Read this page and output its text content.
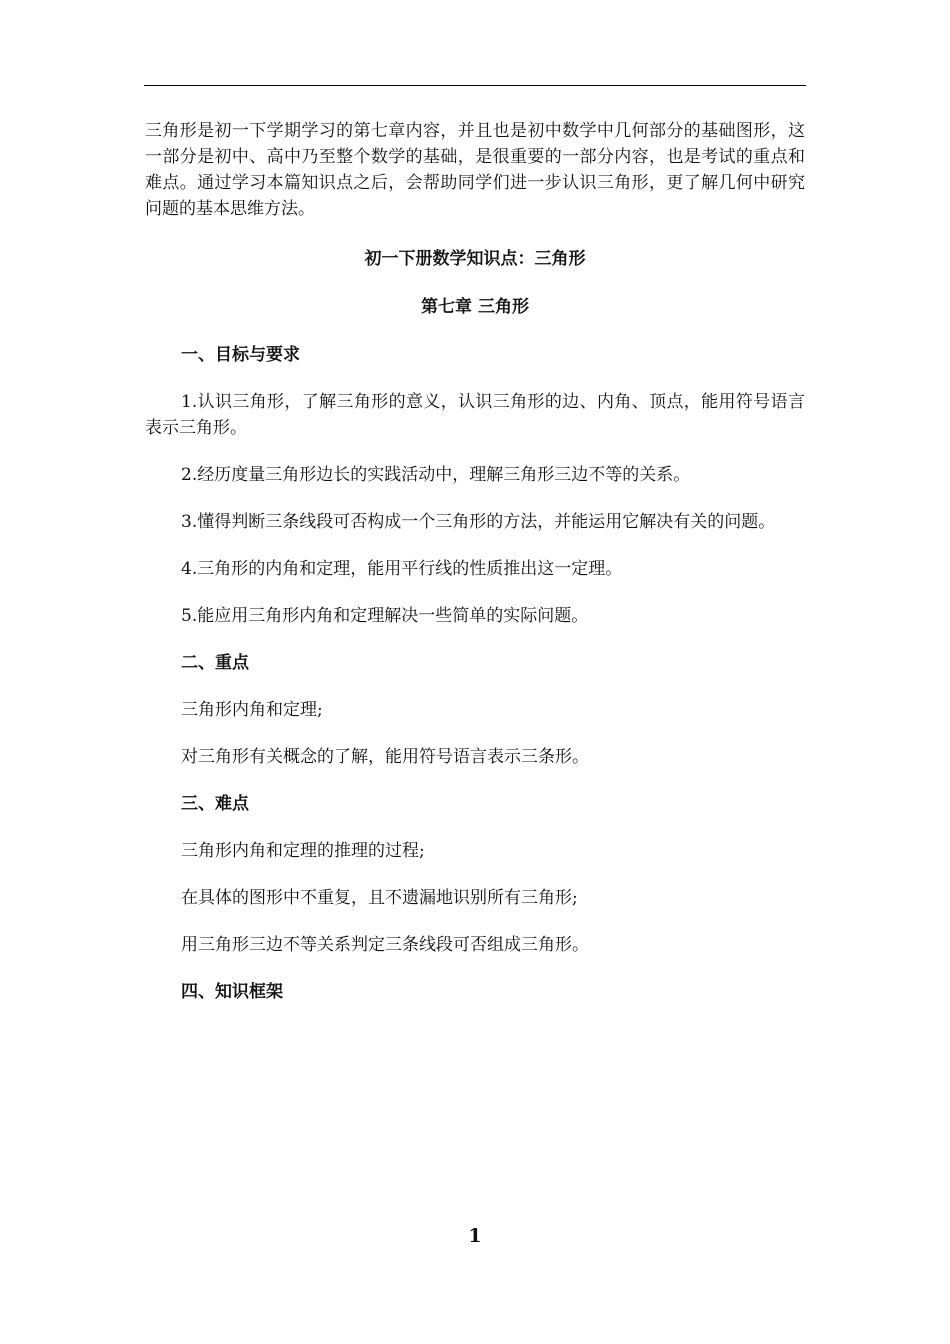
三角形是初一下学期学习的第七章内容，并且也是初中数学中几何部分的基础图形，这一部分是初中、高中乃至整个数学的基础，是很重要的一部分内容，也是考试的重点和难点。通过学习本篇知识点之后，会帮助同学们进一步认识三角形，更了解几何中研究问题的基本思维方法。

初一下册数学知识点：三角形

第七章 三角形

一、目标与要求

1.认识三角形，了解三角形的意义，认识三角形的边、内角、顶点，能用符号语言表示三角形。

2.经历度量三角形边长的实践活动中，理解三角形三边不等的关系。

3.懂得判断三条线段可否构成一个三角形的方法，并能运用它解决有关的问题。

4.三角形的内角和定理，能用平行线的性质推出这一定理。

5.能应用三角形内角和定理解决一些简单的实际问题。

二、重点

三角形内角和定理;

对三角形有关概念的了解，能用符号语言表示三条形。

三、难点

三角形内角和定理的推理的过程;

在具体的图形中不重复，且不遗漏地识别所有三角形;

用三角形三边不等关系判定三条线段可否组成三角形。

四、知识框架

1
